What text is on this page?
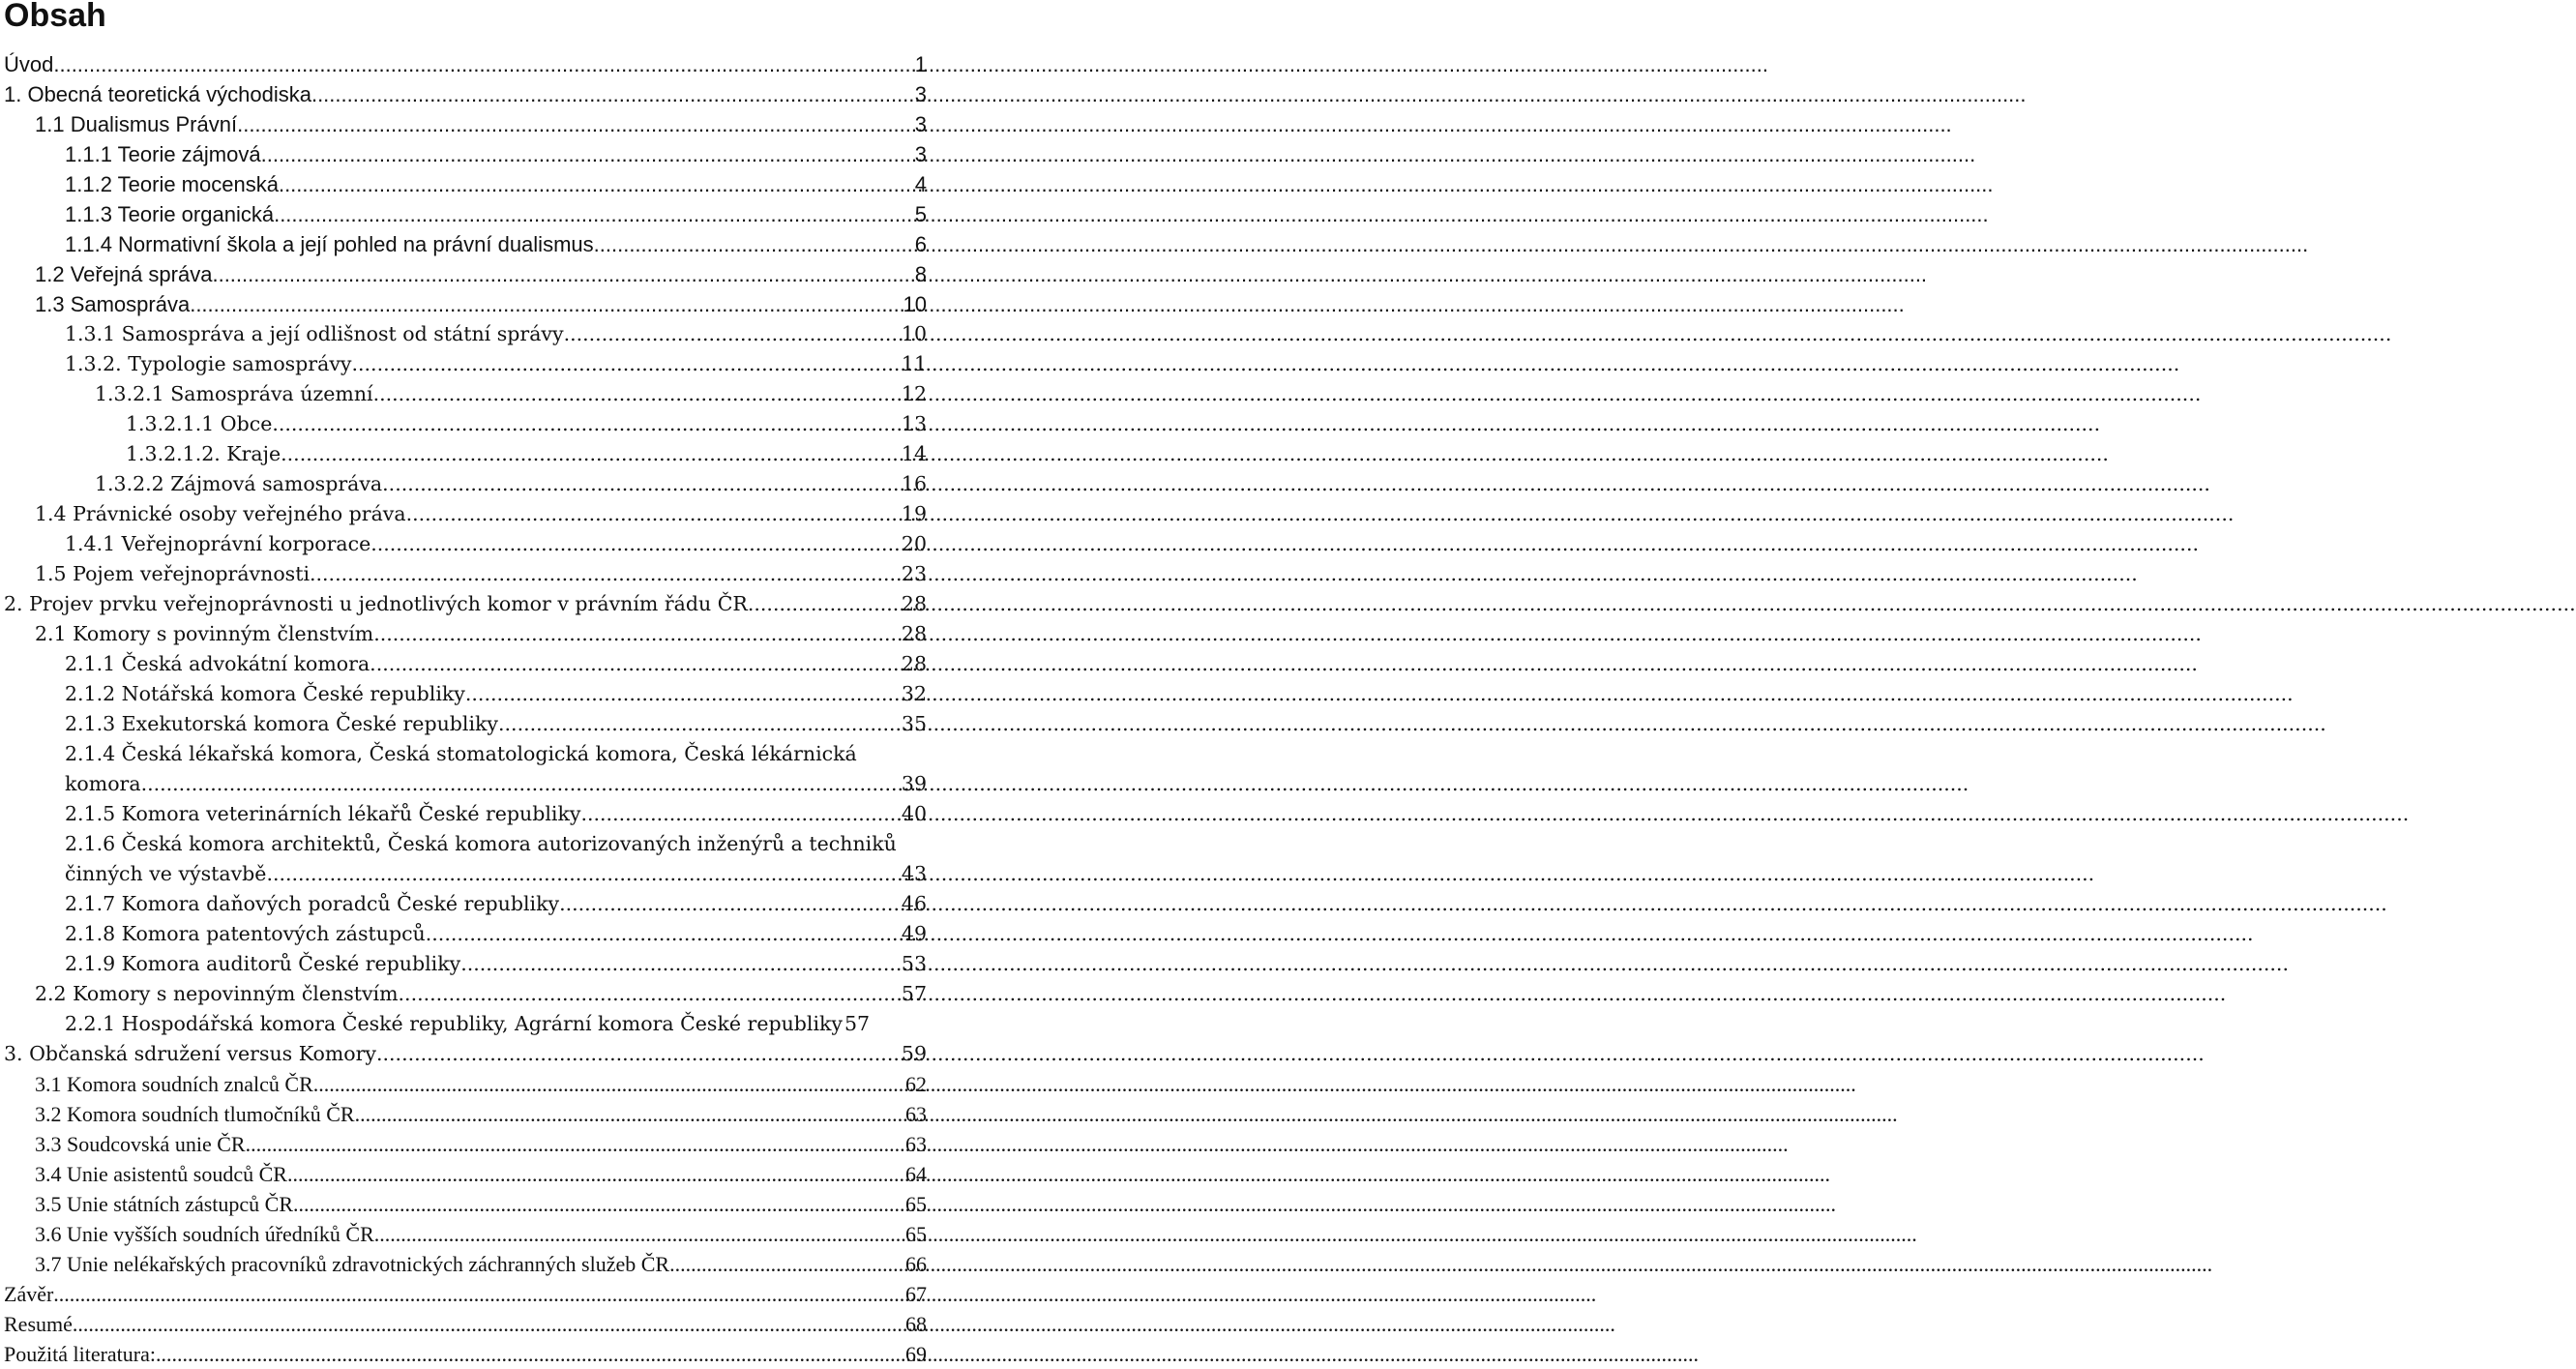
Obsah
Úvod .....	1
1. Obecná teoretická východiska .....	3
1.1 Dualismus Právní .....	3
1.1.1 Teorie zájmová .....	3
1.1.2 Teorie mocenská .....	4
1.1.3 Teorie organická .....	5
1.1.4 Normativní škola a její pohled na právní dualismus .....	6
1.2 Veřejná správa .....	8
1.3 Samospráva .....	10
1.3.1 Samospráva a její odlišnost od státní správy .....	10
1.3.2. Typologie samosprávy .....	11
1.3.2.1 Samospráva územní .....	12
1.3.2.1.1 Obce .....	13
1.3.2.1.2. Kraje .....	14
1.3.2.2 Zájmová samospráva .....	16
1.4 Právnické osoby veřejného práva .....	19
1.4.1 Veřejnoprávní korporace .....	20
1.5 Pojem veřejnoprávnosti .....	23
2. Projev prvku veřejnoprávnosti u jednotlivých komor v právním řádu ČR .....	28
2.1 Komory s povinným členstvím .....	28
2.1.1 Česká advokátní komora .....	28
2.1.2 Notářská komora České republiky .....	32
2.1.3 Exekutorská komora České republiky .....	35
2.1.4 Česká lékařská komora, Česká stomatologická komora, Česká lékárnická
komora .....	39
2.1.5 Komora veterinárních lékařů České republiky .....	40
2.1.6 Česká komora architektů, Česká komora autorizovaných inženýrů a techniků
činných ve výstavbě .....	43
2.1.7 Komora daňových poradců České republiky .....	46
2.1.8 Komora patentových zástupců .....	49
2.1.9 Komora auditorů České republiky .....	53
2.2 Komory s nepovinným členstvím .....	57
2.2.1 Hospodářská komora České republiky, Agrární komora České republiky 57
3. Občanská sdružení versus Komory .....	59
3.1 Komora soudních znalců ČR .....	62
3.2 Komora soudních tlumočníků ČR .....	63
3.3 Soudcovská unie ČR .....	63
3.4 Unie asistentů soudců ČR .....	64
3.5 Unie státních zástupců ČR .....	65
3.6 Unie vyšších soudních úředníků ČR .....	65
3.7 Unie nelékařských pracovníků zdravotnických záchranných služeb ČR .....	66
Závěr .....	67
Resumé .....	68
Použitá literatura: .....	69
